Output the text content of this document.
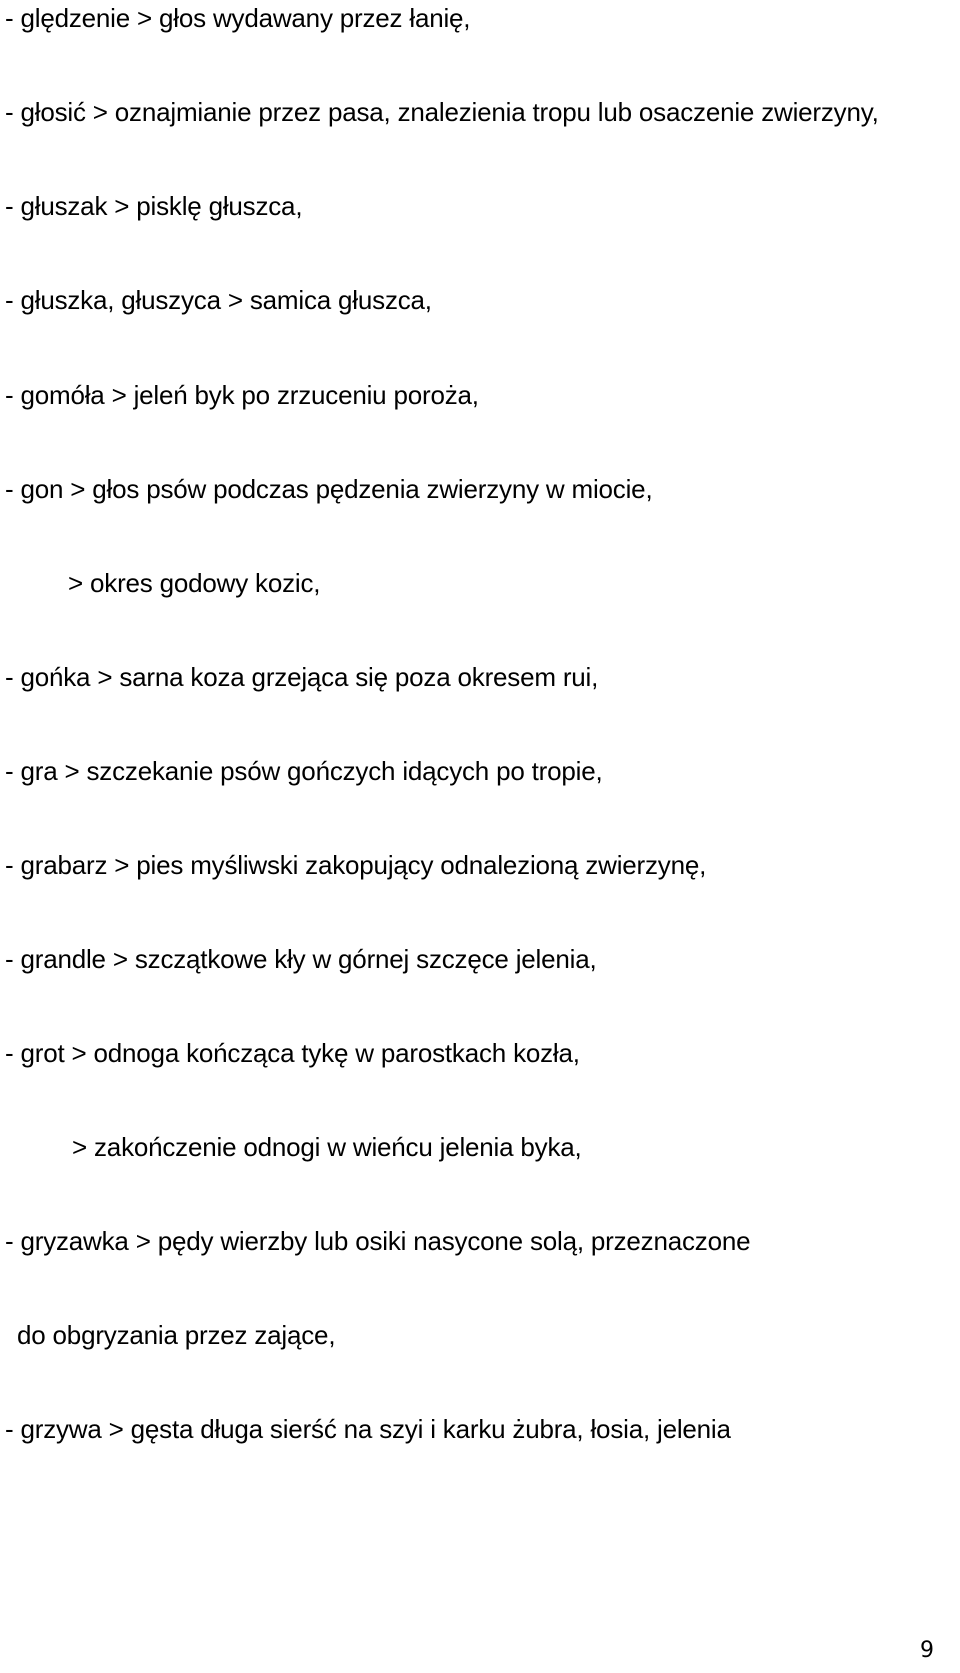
- ględzenie > głos wydawany przez łanię,
- głosić > oznajmianie przez pasa, znalezienia tropu lub osaczenie zwierzyny,
- głuszak > pisklę głuszca,
- głuszka, głuszyca > samica głuszca,
- gomóła > jeleń byk po zrzuceniu poroża,
- gon > głos psów podczas pędzenia zwierzyny w miocie,
> okres godowy kozic,
- gońka > sarna koza grzejąca się poza okresem rui,
- gra > szczekanie psów gończych idących po tropie,
- grabarz > pies myśliwski zakopujący odnalezioną zwierzynę,
- grandle > szczątkowe kły w górnej szczęce jelenia,
- grot > odnoga kończąca tykę w parostkach kozła,
> zakończenie odnogi w wieńcu jelenia byka,
- gryzawka > pędy wierzby lub osiki nasycone solą, przeznaczone
do obgryzania przez zające,
- grzywa > gęsta długa sierść na szyi i karku żubra, łosia, jelenia
9
